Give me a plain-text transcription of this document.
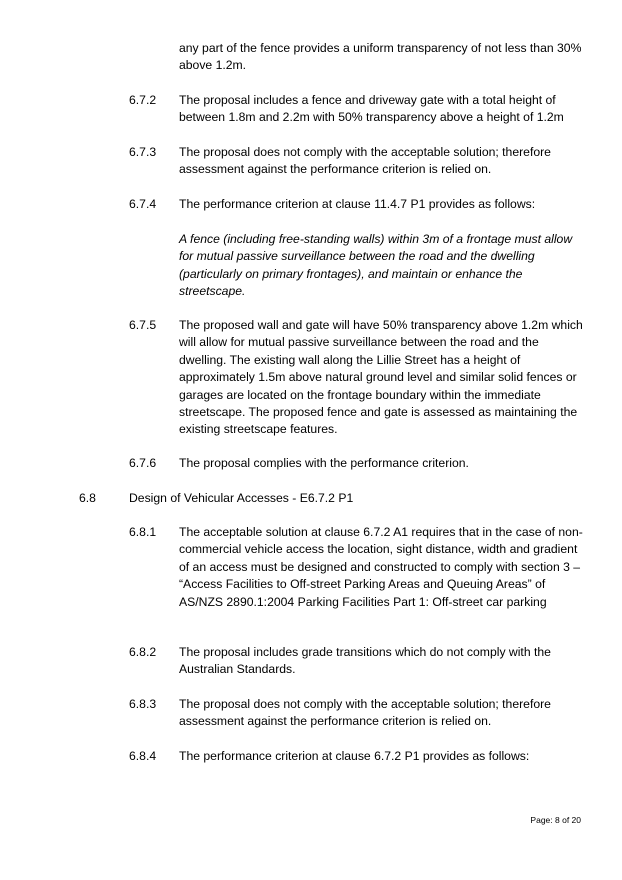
any part of the fence provides a uniform transparency of not less than 30% above 1.2m.
6.7.2 The proposal includes a fence and driveway gate with a total height of between 1.8m and 2.2m with 50% transparency above a height of 1.2m
6.7.3 The proposal does not comply with the acceptable solution; therefore assessment against the performance criterion is relied on.
6.7.4 The performance criterion at clause 11.4.7 P1 provides as follows:
A fence (including free-standing walls) within 3m of a frontage must allow for mutual passive surveillance between the road and the dwelling (particularly on primary frontages), and maintain or enhance the streetscape.
6.7.5 The proposed wall and gate will have 50% transparency above 1.2m which will allow for mutual passive surveillance between the road and the dwelling. The existing wall along the Lillie Street has a height of approximately 1.5m above natural ground level and similar solid fences or garages are located on the frontage boundary within the immediate streetscape. The proposed fence and gate is assessed as maintaining the existing streetscape features.
6.7.6 The proposal complies with the performance criterion.
6.8	Design of Vehicular Accesses - E6.7.2 P1
6.8.1 The acceptable solution at clause 6.7.2 A1 requires that in the case of non-commercial vehicle access the location, sight distance, width and gradient of an access must be designed and constructed to comply with section 3 – “Access Facilities to Off-street Parking Areas and Queuing Areas” of AS/NZS 2890.1:2004 Parking Facilities Part 1: Off-street car parking
6.8.2 The proposal includes grade transitions which do not comply with the Australian Standards.
6.8.3 The proposal does not comply with the acceptable solution; therefore assessment against the performance criterion is relied on.
6.8.4 The performance criterion at clause 6.7.2 P1 provides as follows:
Page: 8 of 20
